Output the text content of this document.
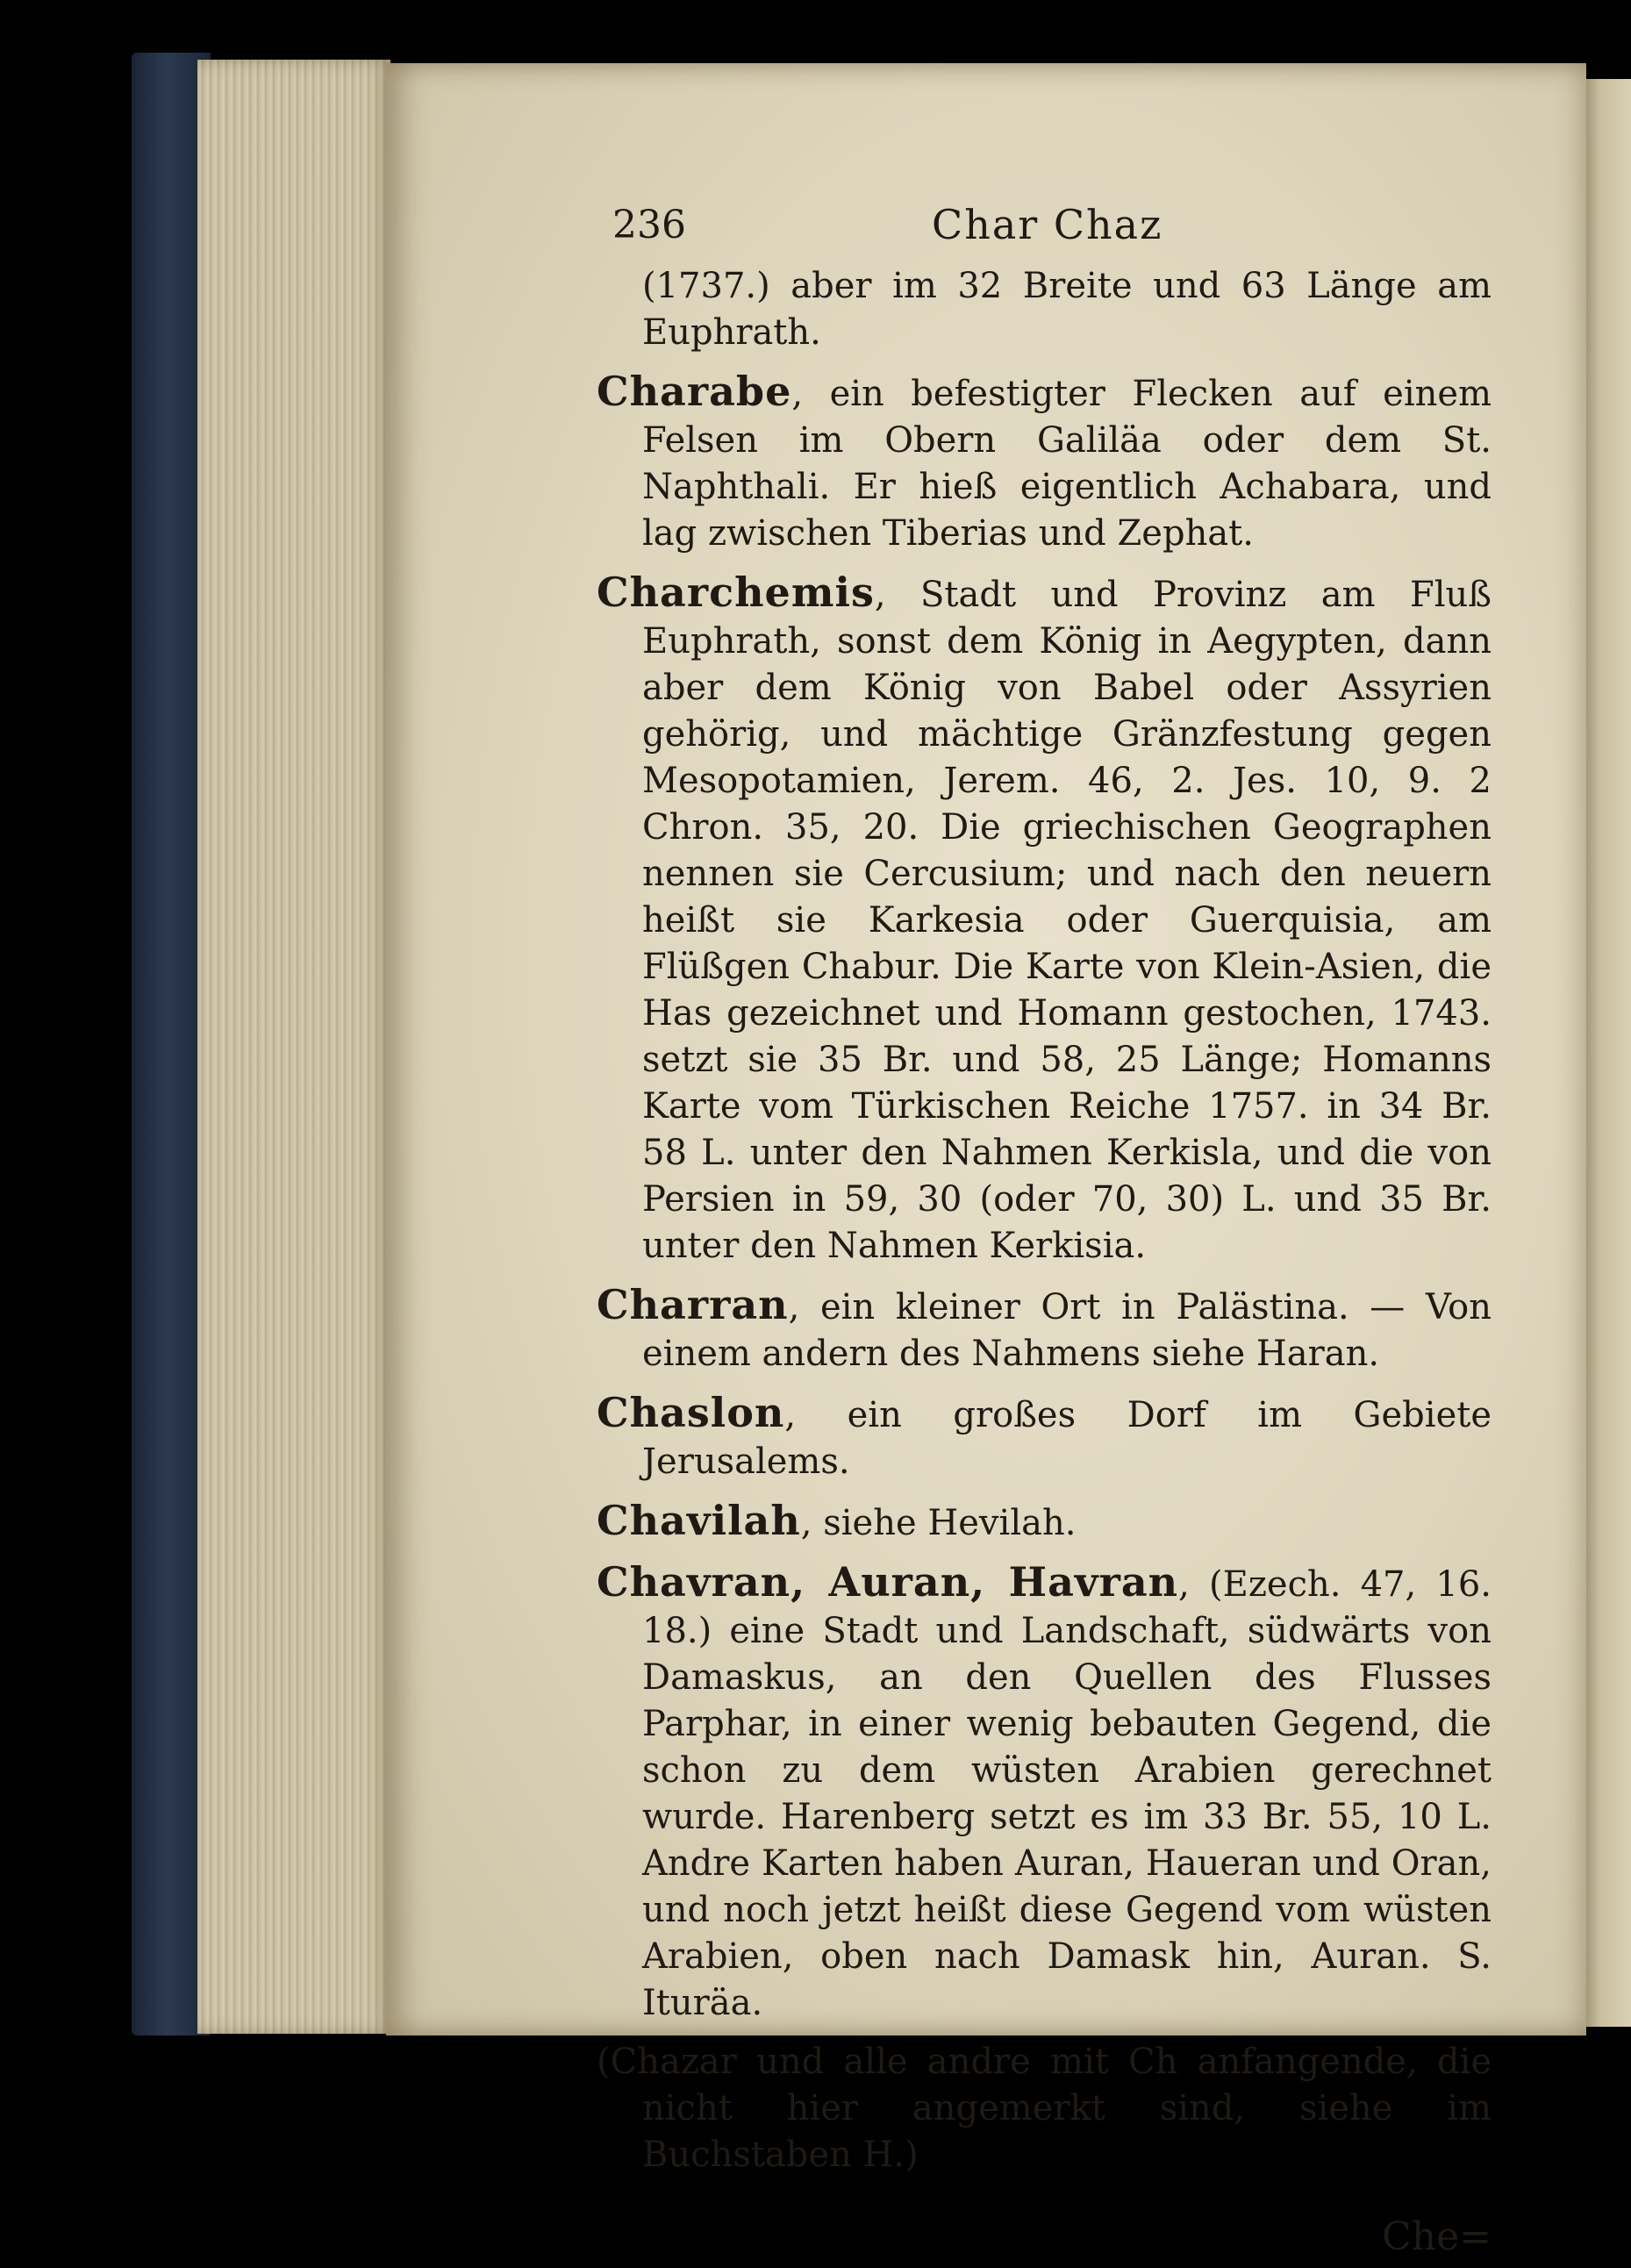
236	Char Chaz

(1737.) aber im 32 Breite und 63 Länge am Euphrath.

Charabe, ein befestigter Flecken auf einem Felsen im Obern Galiläa oder dem St. Naphthali. Er hieß eigentlich Achabara, und lag zwischen Tiberias und Zephat.

Charchemis, Stadt und Provinz am Fluß Euphrath, sonst dem König in Aegypten, dann aber dem König von Babel oder Assyrien gehörig, und mächtige Gränzfestung gegen Mesopotamien, Jerem. 46, 2. Jes. 10, 9. 2 Chron. 35, 20. Die griechischen Geographen nennen sie Cercusium; und nach den neuern heißt sie Karkesia oder Guerquisia, am Flüßgen Chabur. Die Karte von Klein-Asien, die Has gezeichnet und Homann gestochen, 1743. setzt sie 35 Br. und 58, 25 Länge; Homanns Karte vom Türkischen Reiche 1757. in 34 Br. 58 L. unter den Nahmen Kerkisla, und die von Persien in 59, 30 (oder 70, 30) L. und 35 Br. unter den Nahmen Kerkisia.

Charran, ein kleiner Ort in Palästina. — Von einem andern des Nahmens siehe Haran.

Chaslon, ein großes Dorf im Gebiete Jerusalems.

Chavilah, siehe Hevilah.

Chavran, Auran, Havran, (Ezech. 47, 16. 18.) eine Stadt und Landschaft, südwärts von Damaskus, an den Quellen des Flusses Parphar, in einer wenig bebauten Gegend, die schon zu dem wüsten Arabien gerechnet wurde. Harenberg setzt es im 33 Br. 55, 10 L. Andre Karten haben Auran, Haueran und Oran, und noch jetzt heißt diese Gegend vom wüsten Arabien, oben nach Damask hin, Auran. S. Ituräa.

(Chazar und alle andre mit Ch anfangende, die nicht hier angemerkt sind, siehe im Buchstaben H.)

Che=
